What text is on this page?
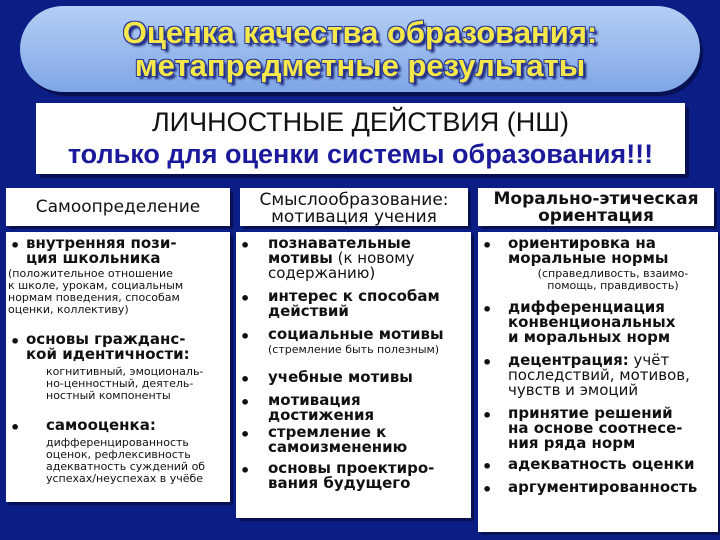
Оценка качества образования:
метапредметные результаты
ЛИЧНОСТНЫЕ ДЕЙСТВИЯ (НШ)
только для оценки системы образования!!!
Самоопределение	Смыслообразование:
мотивация учения
Морально-этическая
ориентация
• внутренняя пози-
ция школьника
(положительное отношение
к школе, урокам, социальным
нормам поведения, способам
оценки, коллективу)
• основы гражданс-
кой идентичности:
когнитивный, эмоциональ-
но-ценностный, деятель-
ностный компоненты
• самооценка:
дифференцированность
оценок, рефлексивность
адекватность суждений об
успехах/неуспехах в учёбе
• познавательные
мотивы (к новому
содержанию)
• интерес к способам
действий
• социальные мотивы
(стремление быть полезным)
• учебные мотивы
• мотивация
достижения
• стремление к
самоизменению
• основы проектиро-
вания будущего
• ориентировка на
моральные нормы
(справедливость, взаимо-
помощь, правдивость)
• дифференциация
конвенциональных
и моральных норм
• децентрация: учёт
последствий, мотивов,
чувств и эмоций
• принятие решений
на основе соотнесе-
ния ряда норм
• адекватность оценки
• аргументированность
